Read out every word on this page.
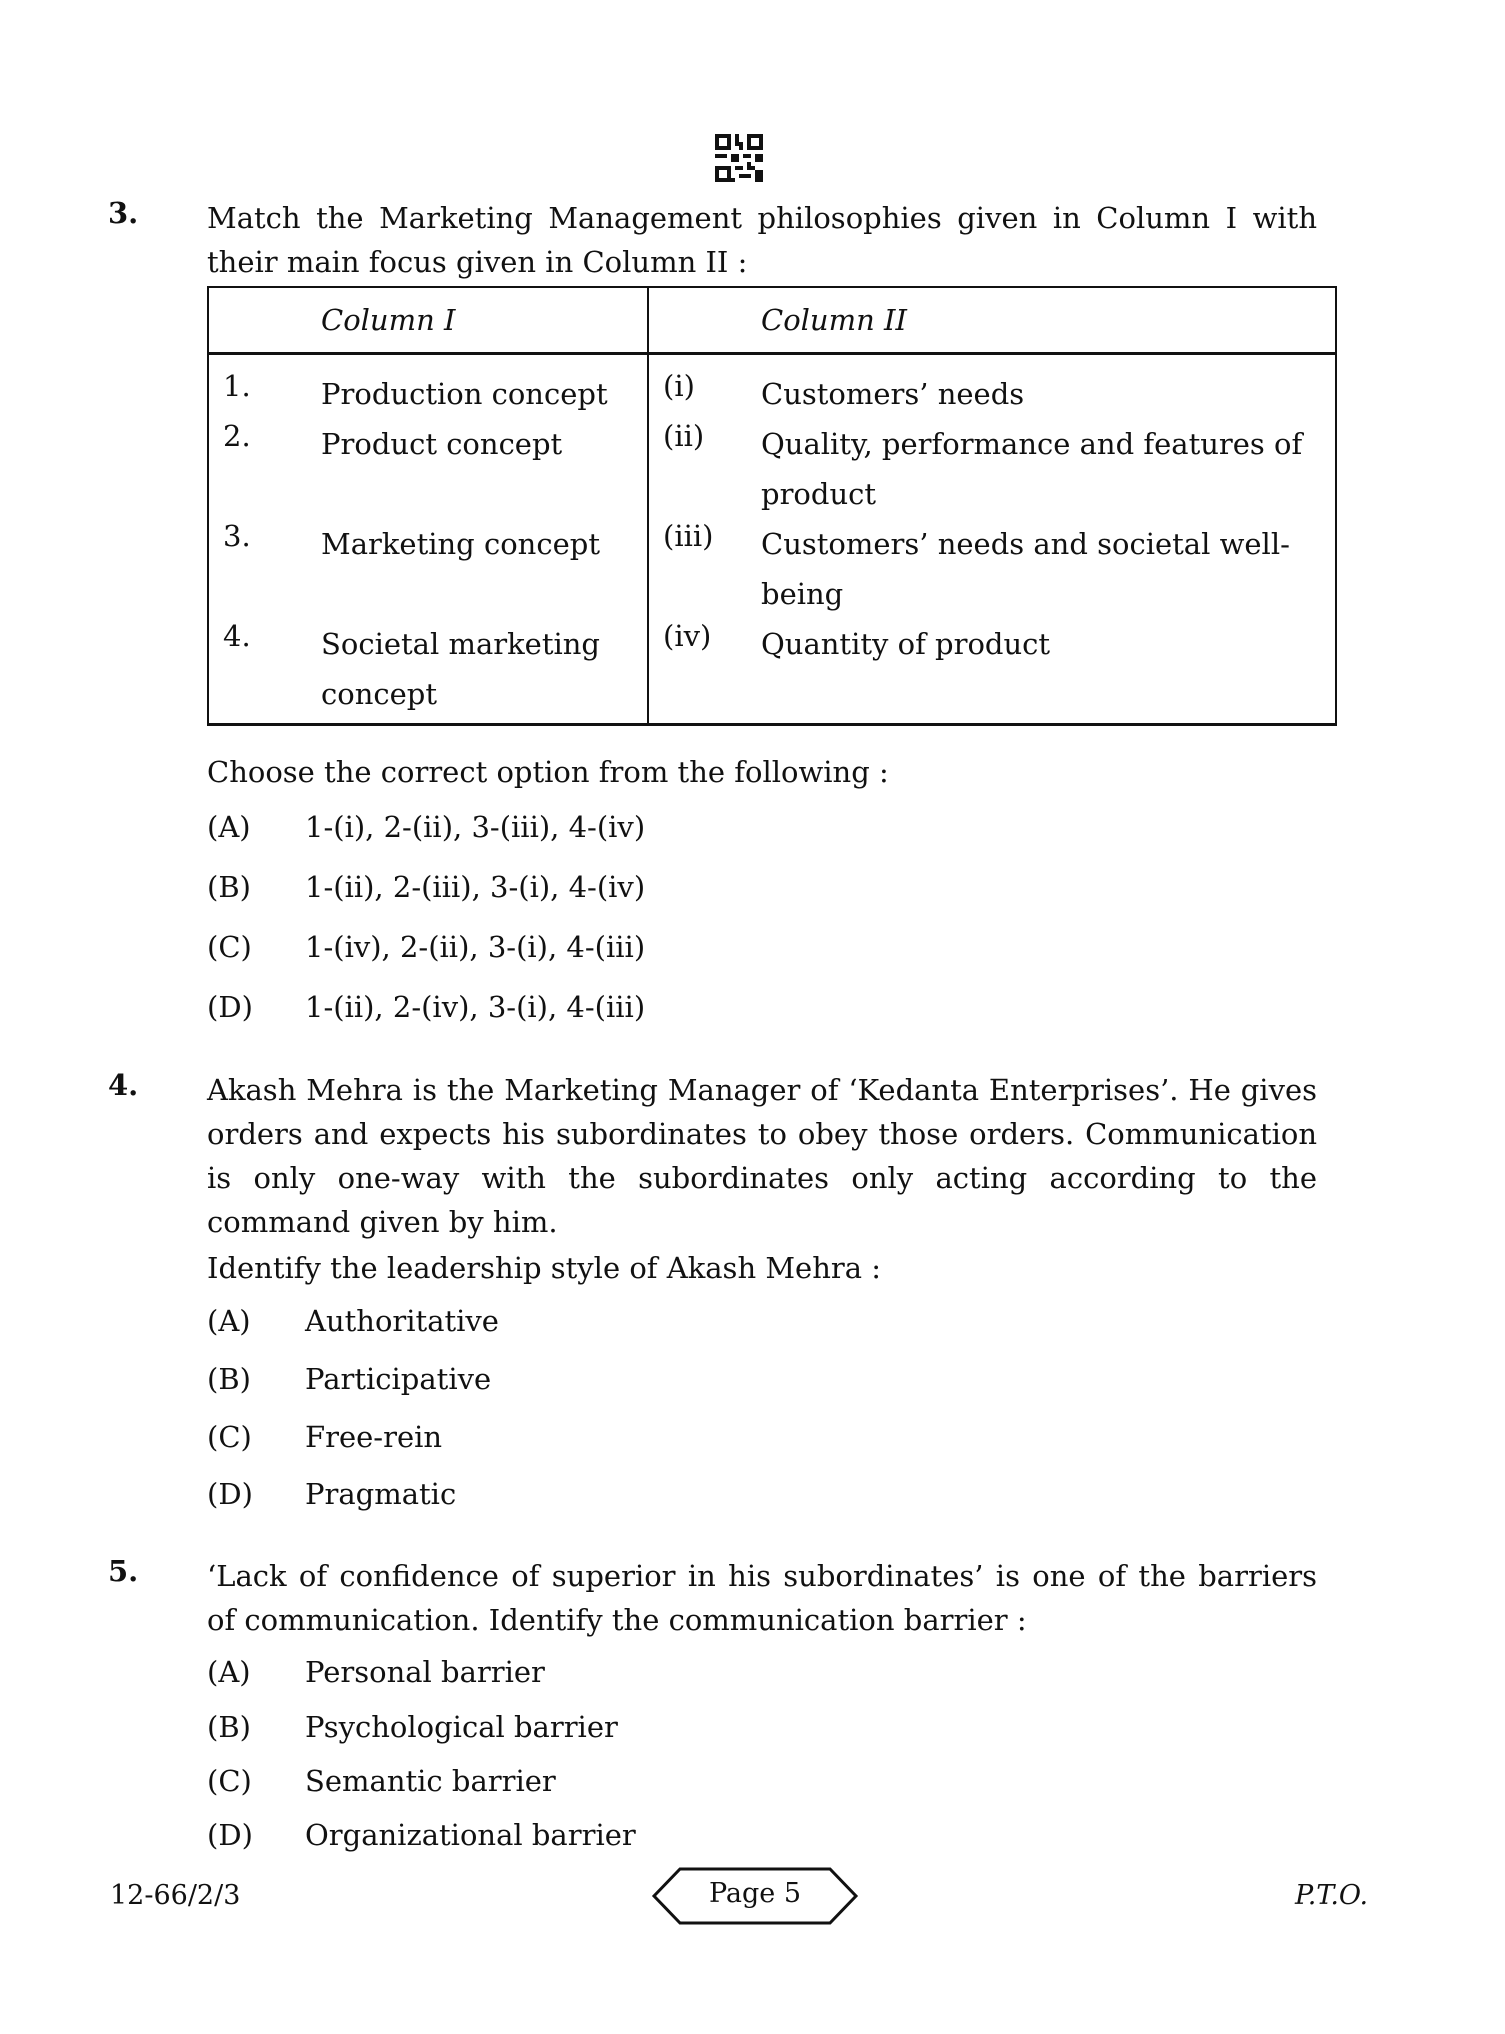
3. Match the Marketing Management philosophies given in Column I with their main focus given in Column II :
Column I	Column II

1. Production concept	(i) Customers’ needs

2. Product concept	(ii) Quality, performance and features of product

3. Marketing concept	(iii) Customers’ needs and societal well-being

4. Societal marketing concept	(iv) Quantity of product
Choose the correct option from the following :
(A) 1-(i), 2-(ii), 3-(iii), 4-(iv)
(B) 1-(ii), 2-(iii), 3-(i), 4-(iv)
(C) 1-(iv), 2-(ii), 3-(i), 4-(iii)
(D) 1-(ii), 2-(iv), 3-(i), 4-(iii)
4. Akash Mehra is the Marketing Manager of ‘Kedanta Enterprises’. He gives orders and expects his subordinates to obey those orders. Communication is only one-way with the subordinates only acting according to the command given by him.
Identify the leadership style of Akash Mehra :
(A) Authoritative
(B) Participative
(C) Free-rein
(D) Pragmatic
5. ‘Lack of confidence of superior in his subordinates’ is one of the barriers of communication. Identify the communication barrier :
(A) Personal barrier
(B) Psychological barrier
(C) Semantic barrier
(D) Organizational barrier
12-66/2/3	Page 5	P.T.O.
